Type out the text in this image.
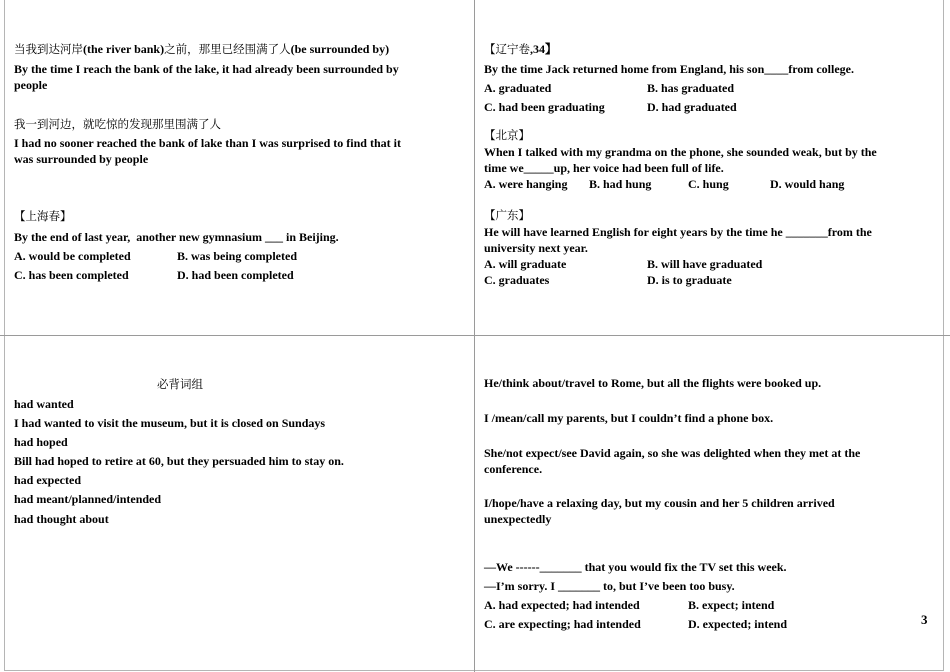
当我到达河岸(the river bank)之前，那里已经围满了人(be surrounded by)
By the time I reach the bank of the lake, it had already been surrounded by
people
我一到河边，就吃惊的发现那里围满了人
I had no sooner reached the bank of lake than I was surprised to find that it
was surrounded by people
【上海春】
By the end of last year,  another new gymnasium ___ in Beijing.
A. would be completed	B. was being completed
C. has been completed	D. had been completed
【辽宁卷,34】
By the time Jack returned home from England, his son____from college.
A. graduated	B. has graduated
C. had been graduating	D. had graduated
【北京】
When I talked with my grandma on the phone, she sounded weak, but by the
time we_____up, her voice had been full of life.
A. were hanging B. had hung	C. hung	D. would hang
【广东】
He will have learned English for eight years by the time he _______from the
university next year.
A. will graduate	B. will have graduated
C. graduates	D. is to graduate
必背词组
had wanted
I had wanted to visit the museum, but it is closed on Sundays
had hoped
Bill had hoped to retire at 60, but they persuaded him to stay on.
had expected
had meant/planned/intended
had thought about
He/think about/travel to Rome, but all the flights were booked up.
I /mean/call my parents, but I couldn’t find a phone box.
She/not expect/see David again, so she was delighted when they met at the
conference.
I/hope/have a relaxing day, but my cousin and her 5 children arrived
unexpectedly
—We ------_______ that you would fix the TV set this week.
—I’m sorry. I _______ to, but I’ve been too busy.
A. had expected; had intended	B. expect; intend
C. are expecting; had intended	D. expected; intend	3
